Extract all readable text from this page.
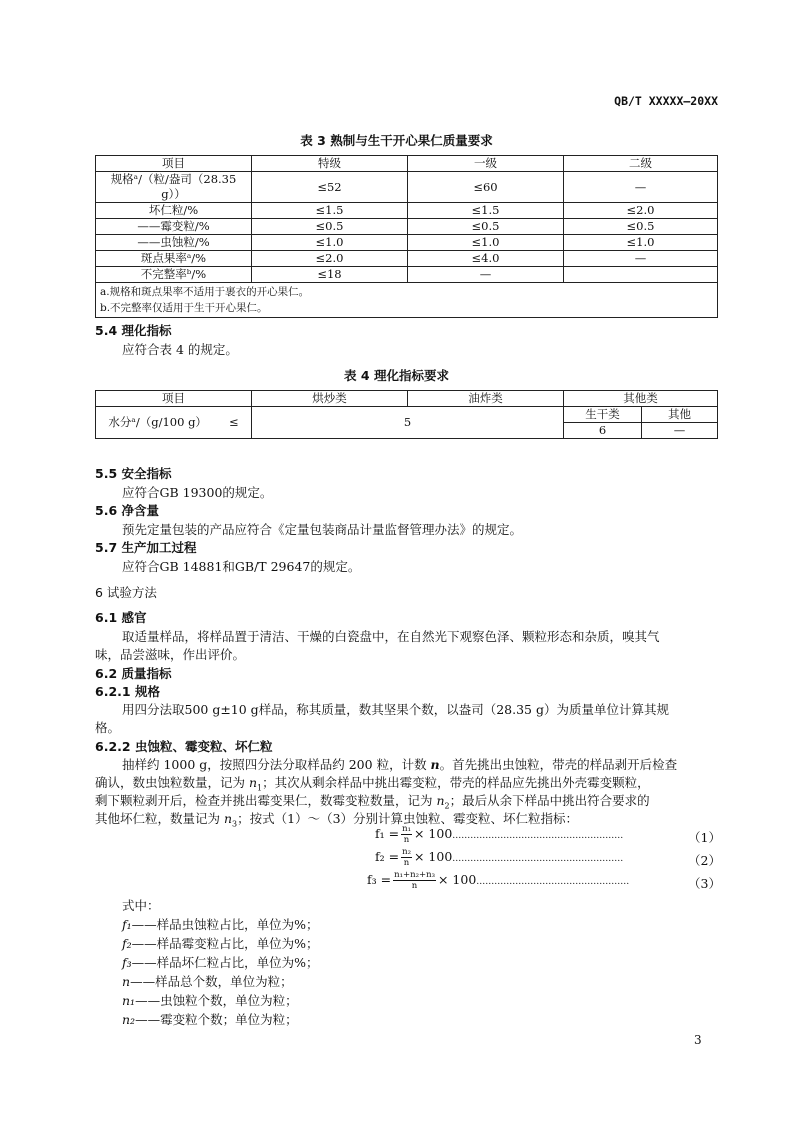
QB/T XXXXX—20XX
表 3 熟制与生干开心果仁质量要求
项目	特级	一级	二级
规格ᵃ/（粒/盎司（28.35 g））	≤52	≤60	—
坏仁粒/%	≤1.5	≤1.5	≤2.0
——霉变粒/%	≤0.5	≤0.5	≤0.5
——虫蚀粒/%	≤1.0	≤1.0	≤1.0
斑点果率ᵃ/%	≤2.0	≤4.0	—
不完整率ᵇ/%	≤18	—	

a.规格和斑点果率不适用于裹衣的开心果仁。
b.不完整率仅适用于生干开心果仁。			
5.4 理化指标
应符合表 4 的规定。
表 4 理化指标要求
项目	烘炒类	油炸类	其他类	
水分ᵃ/（g/100 g） ≤	5		生干类	其他
			6	—
5.5 安全指标
应符合GB 19300的规定。
5.6 净含量
预先定量包装的产品应符合《定量包装商品计量监督管理办法》的规定。
5.7 生产加工过程
应符合GB 14881和GB/T 29647的规定。
6 试验方法
6.1 感官
取适量样品，将样品置于清洁、干燥的白瓷盘中，在自然光下观察色泽、颗粒形态和杂质，嗅其气
味，品尝滋味，作出评价。
6.2 质量指标
6.2.1 规格
用四分法取500 g±10 g样品，称其质量，数其坚果个数，以盎司（28.35 g）为质量单位计算其规
格。
6.2.2 虫蚀粒、霉变粒、坏仁粒
抽样约 1000 g，按照四分法分取样品约 200 粒，计数 n。首先挑出虫蚀粒，带壳的样品剥开后检查
确认，数虫蚀粒数量，记为 $n_1$；其次从剩余样品中挑出霉变粒，带壳的样品应先挑出外壳霉变颗粒，
剩下颗粒剥开后，检查并挑出霉变果仁，数霉变粒数量，记为 $n_2$；最后从余下样品中挑出符合要求的
其他坏仁粒，数量记为 $n_3$；按式（1）～（3）分别计算虫蚀粒、霉变粒、坏仁粒指标：
$f_1 = \frac{\text{n₁}}{n}$ × 100…………………………………………………	（1）
$f_2 = \frac{\text{n₂}}{n}$ × 100…………………………………………………	（2）
$f_3 = \frac{\text{n₁+n₂+n₃}}{n}$ × 100……………………………………………	（3）
式中：
f₁——样品虫蚀粒占比，单位为%；
f₂——样品霉变粒占比，单位为%；
f₃——样品坏仁粒占比，单位为%；
n——样品总个数，单位为粒；
n₁——虫蚀粒个数，单位为粒；
n₂——霉变粒个数；单位为粒；
3
